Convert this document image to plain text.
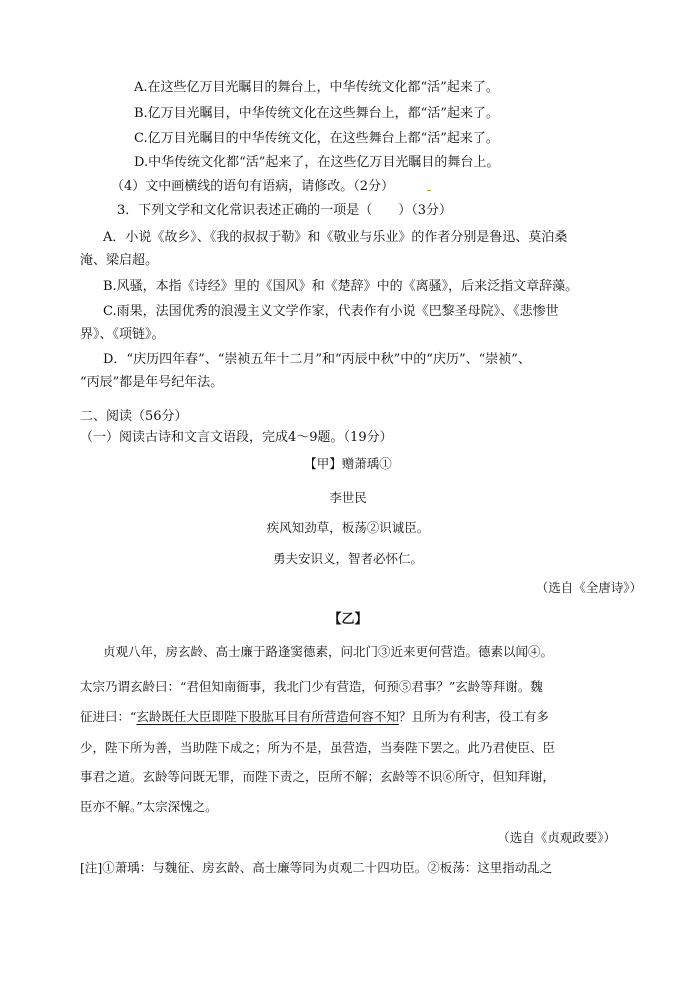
A.在这些亿万目光瞩目的舞台上，中华传统文化都“活”起来了。
B.亿万目光瞩目，中华传统文化在这些舞台上，都“活”起来了。
C.亿万目光瞩目的中华传统文化，在这些舞台上都“活”起来了。
D.中华传统文化都“活”起来了，在这些亿万目光瞩目的舞台上。
（4）文中画横线的语句有语病，请修改。（2分）
3．下列文学和文化常识表述正确的一项是（　　）（3分）
A．小说《故乡》、《我的叔叔于勒》和《敬业与乐业》的作者分别是鲁迅、莫泊桑
淹、梁启超。
B.风骚，本指《诗经》里的《国风》和《楚辞》中的《离骚》，后来泛指文章辞藻。
C.雨果，法国优秀的浪漫主义文学作家，代表作有小说《巴黎圣母院》、《悲惨世
界》、《项链》。
D．“庆历四年春”、“崇祯五年十二月”和“丙辰中秋”中的“庆历”、“崇祯”、
“丙辰”都是年号纪年法。
二、阅读（56分）
（一）阅读古诗和文言文语段，完成4～9题。（19分）
【甲】赠萧瑀①
李世民
疾风知劲草，板荡②识诚臣。
勇夫安识义，智者必怀仁。
（选自《全唐诗》）
【乙】
贞观八年，房玄龄、高士廉于路逢窦德素，问北门③近来更何营造。德素以闻④。
太宗乃谓玄龄曰：“君但知南衙事，我北门少有营造，何预⑤君事？”玄龄等拜谢。魏
征进曰：“玄龄既任大臣即陛下股肱耳目有所营造何容不知？且所为有利害，役工有多
少，陛下所为善，当助陛下成之；所为不是，虽营造，当奏陛下罢之。此乃君使臣、臣
事君之道。玄龄等问既无罪，而陛下责之，臣所不解；玄龄等不识⑥所守，但知拜谢，
臣亦不解。”太宗深愧之。
（选自《贞观政要》）
[注]①萧瑀：与魏征、房玄龄、高士廉等同为贞观二十四功臣。②板荡：这里指动乱之
